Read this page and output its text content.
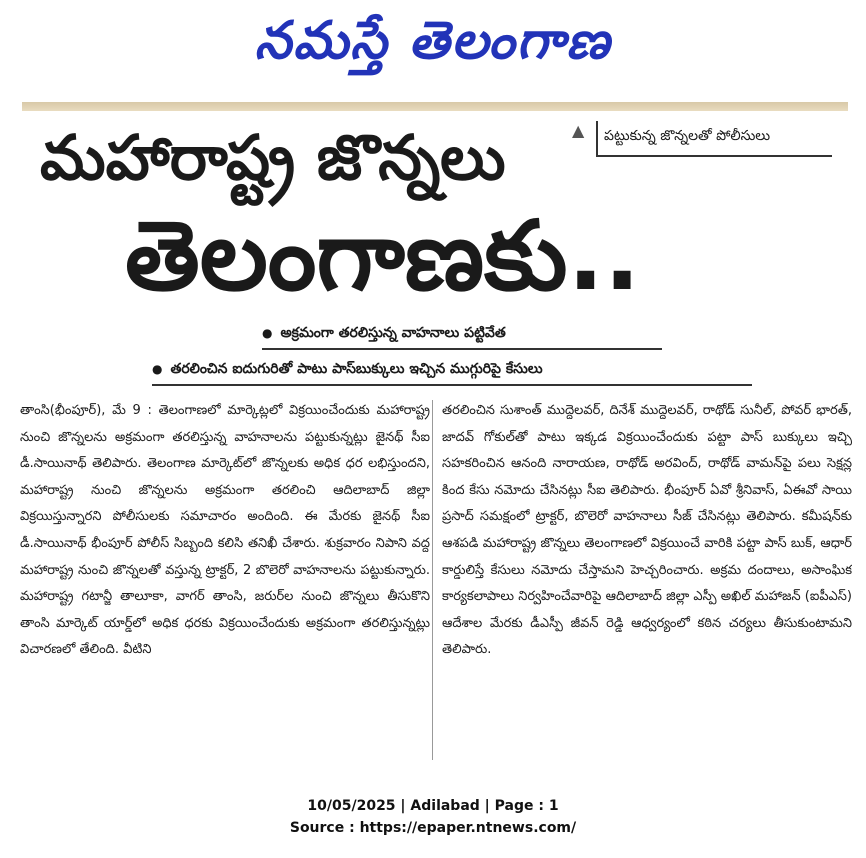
నమస్తే తెలంగాణ
మహారాష్ట్ర జొన్నలు	▲	పట్టుకున్న జొన్నలతో పోలీసులు
తెలంగాణకు..
● అక్రమంగా తరలిస్తున్న వాహనాలు పట్టివేత
● తరలించిన ఐదుగురితో పాటు పాస్‌బుక్కులు ఇచ్చిన ముగ్గురిపై కేసులు
తాంసి(భీంపూర్), మే 9 : తెలంగాణలో మార్కెట్లలో విక్రయించేందుకు మహారాష్ట్ర నుంచి జొన్నలను అక్రమంగా తరలిస్తున్న వాహనాలను పట్టుకున్నట్లు జైనథ్ సీఐ డీ.సాయినాథ్ తెలిపారు. తెలంగాణ మార్కెట్‌లో జొన్నలకు అధిక ధర లభిస్తుందని, మహారాష్ట్ర నుంచి జొన్నలను అక్రమంగా తరలించి ఆదిలాబాద్ జిల్లా విక్రయిస్తున్నారని పోలీసులకు సమాచారం అందింది. ఈ మేరకు జైనథ్ సీఐ డీ.సాయినాథ్ భీంపూర్ పోలీస్ సిబ్బంది కలిసి తనిఖీ చేశారు. శుక్రవారం నిపాని వద్ద మహారాష్ట్ర నుంచి జొన్నలతో వస్తున్న ట్రాక్టర్, 2 బొలెరో వాహనాలను పట్టుకున్నారు. మహారాష్ట్ర గటాన్జీ తాలూకా, వాగర్ తాంసి, జరుర్‌ల నుంచి జొన్నలు తీసుకొని తాంసి మార్కెట్ యార్డ్‌లో అధిక ధరకు విక్రయించేందుకు అక్రమంగా తరలిస్తున్నట్లు విచారణలో తేలింది. వీటిని
తరలించిన సుశాంత్ ముద్దెలవర్, దినేశ్ ముద్దెలవర్, రాథోడ్ సునీల్, పోవర్ భారత్, జాదవ్ గోకుల్‌తో పాటు ఇక్కడ విక్రయించేందుకు పట్టా పాస్ బుక్కులు ఇచ్చి సహకరించిన ఆనంది నారాయణ, రాథోడ్ అరవింద్, రాథోడ్ వామన్‌పై పలు సెక్షన్ల కింద కేసు నమోదు చేసినట్లు సీఐ తెలిపారు. భీంపూర్ ఏవో శ్రీనివాస్, ఏఈవో సాయి ప్రసాద్ సమక్షంలో ట్రాక్టర్, బొలెరో వాహనాలు సీజ్ చేసినట్లు తెలిపారు. కమీషన్‌కు ఆశపడి మహారాష్ట్ర జొన్నలు తెలంగాణలో విక్రయించే వారికి పట్టా పాస్ బుక్, ఆధార్ కార్డులిస్తే కేసులు నమోదు చేస్తామని హెచ్చరించారు. అక్రమ దందాలు, అసాంఘిక కార్యకలాపాలు నిర్వహించేవారిపై ఆదిలాబాద్ జిల్లా ఎస్పీ అఖిల్ మహాజన్ (ఐపీఎస్) ఆదేశాల మేరకు డీఎస్పీ జీవన్ రెడ్డి ఆధ్వర్యంలో కఠిన చర్యలు తీసుకుంటామని తెలిపారు.
10/05/2025 | Adilabad | Page : 1
Source : https://epaper.ntnews.com/
